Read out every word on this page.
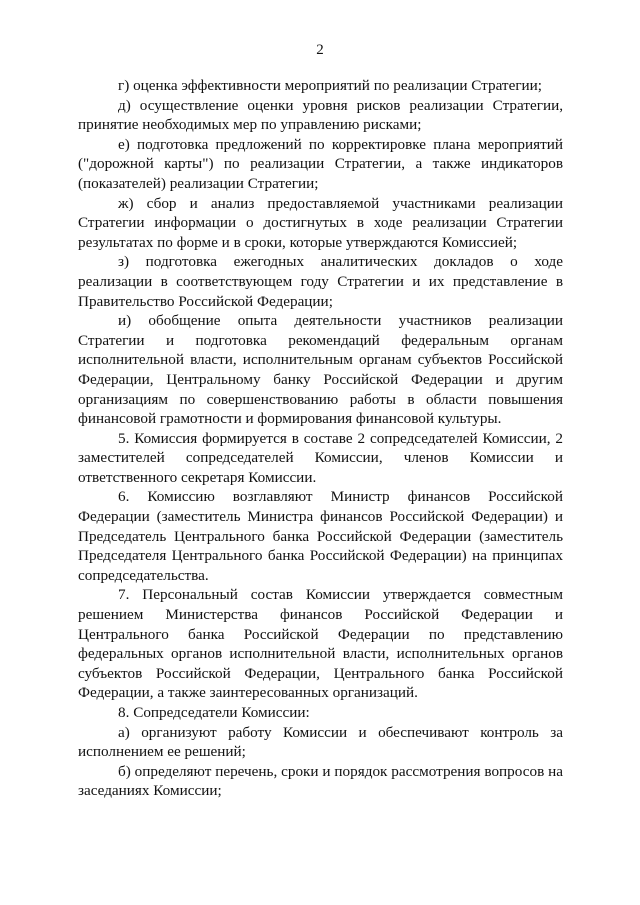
2

г) оценка эффективности мероприятий по реализации Стратегии;

д) осуществление оценки уровня рисков реализации Стратегии, принятие необходимых мер по управлению рисками;

е) подготовка предложений по корректировке плана мероприятий ("дорожной карты") по реализации Стратегии, а также индикаторов (показателей) реализации Стратегии;

ж) сбор и анализ предоставляемой участниками реализации Стратегии информации о достигнутых в ходе реализации Стратегии результатах по форме и в сроки, которые утверждаются Комиссией;

з) подготовка ежегодных аналитических докладов о ходе реализации в соответствующем году Стратегии и их представление в Правительство Российской Федерации;

и) обобщение опыта деятельности участников реализации Стратегии и подготовка рекомендаций федеральным органам исполнительной власти, исполнительным органам субъектов Российской Федерации, Центральному банку Российской Федерации и другим организациям по совершенствованию работы в области повышения финансовой грамотности и формирования финансовой культуры.

5. Комиссия формируется в составе 2 сопредседателей Комиссии, 2 заместителей сопредседателей Комиссии, членов Комиссии и ответственного секретаря Комиссии.

6. Комиссию возглавляют Министр финансов Российской Федерации (заместитель Министра финансов Российской Федерации) и Председатель Центрального банка Российской Федерации (заместитель Председателя Центрального банка Российской Федерации) на принципах сопредседательства.

7. Персональный состав Комиссии утверждается совместным решением Министерства финансов Российской Федерации и Центрального банка Российской Федерации по представлению федеральных органов исполнительной власти, исполнительных органов субъектов Российской Федерации, Центрального банка Российской Федерации, а также заинтересованных организаций.

8. Сопредседатели Комиссии:

а) организуют работу Комиссии и обеспечивают контроль за исполнением ее решений;

б) определяют перечень, сроки и порядок рассмотрения вопросов на заседаниях Комиссии;
